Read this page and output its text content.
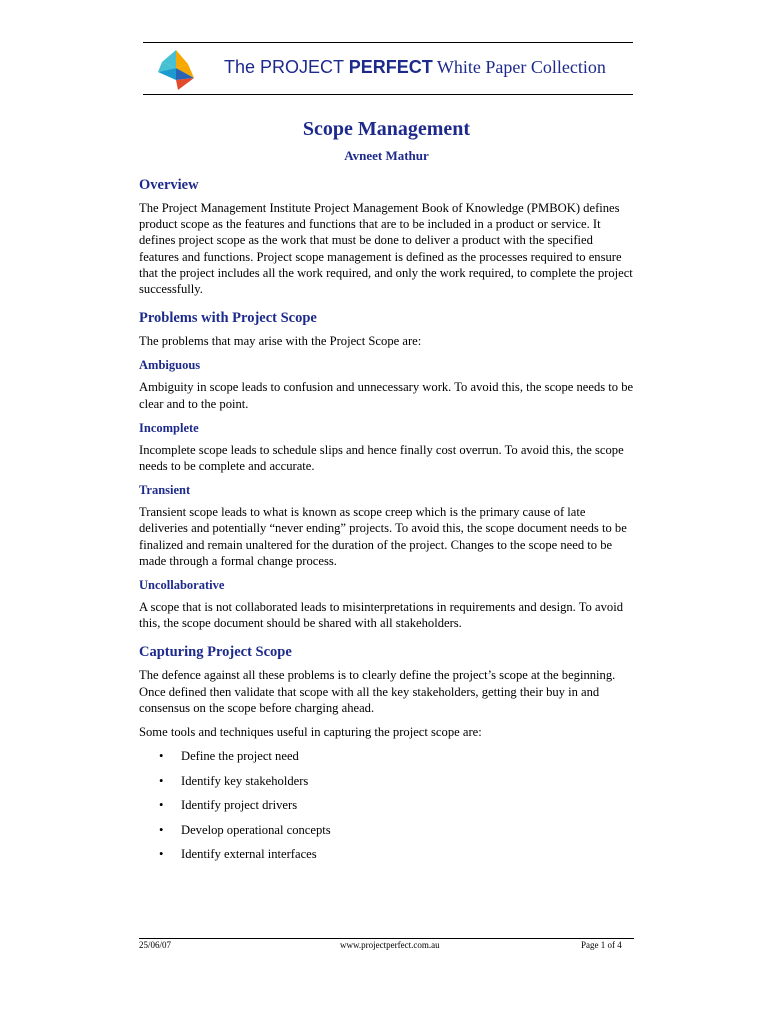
The PROJECT PERFECT White Paper Collection
Scope Management
Avneet Mathur
Overview

The Project Management Institute Project Management Book of Knowledge (PMBOK) defines product scope as the features and functions that are to be included in a product or service. It defines project scope as the work that must be done to deliver a product with the specified features and functions. Project scope management is defined as the processes required to ensure that the project includes all the work required, and only the work required, to complete the project successfully.

Problems with Project Scope

The problems that may arise with the Project Scope are:

Ambiguous

Ambiguity in scope leads to confusion and unnecessary work. To avoid this, the scope needs to be clear and to the point.

Incomplete

Incomplete scope leads to schedule slips and hence finally cost overrun. To avoid this, the scope needs to be complete and accurate.

Transient

Transient scope leads to what is known as scope creep which is the primary cause of late deliveries and potentially “never ending” projects. To avoid this, the scope document needs to be finalized and remain unaltered for the duration of the project. Changes to the scope need to be made through a formal change process.

Uncollaborative

A scope that is not collaborated leads to misinterpretations in requirements and design. To avoid this, the scope document should be shared with all stakeholders.

Capturing Project Scope

The defence against all these problems is to clearly define the project’s scope at the beginning. Once defined then validate that scope with all the key stakeholders, getting their buy in and consensus on the scope before charging ahead.

Some tools and techniques useful in capturing the project scope are:

• Define the project need
• Identify key stakeholders
• Identify project drivers
• Develop operational concepts
• Identify external interfaces
25/06/07	www.projectperfect.com.au	Page 1 of 4
